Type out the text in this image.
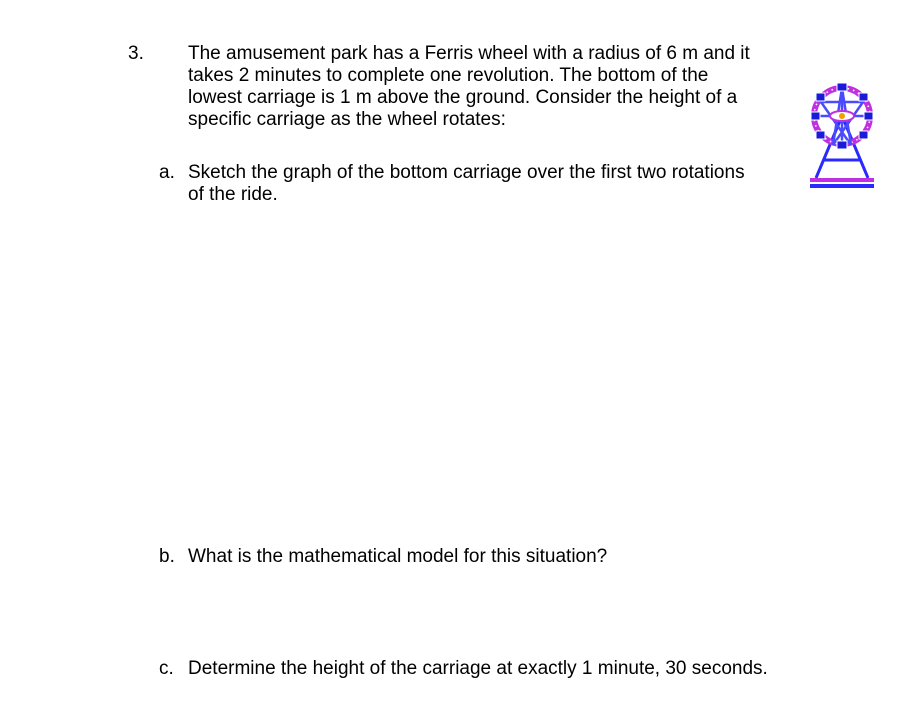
3. The amusement park has a Ferris wheel with a radius of 6 m and it
takes 2 minutes to complete one revolution. The bottom of the
lowest carriage is 1 m above the ground. Consider the height of a
specific carriage as the wheel rotates:
a. Sketch the graph of the bottom carriage over the first two rotations
of the ride.
b. What is the mathematical model for this situation?
c. Determine the height of the carriage at exactly 1 minute, 30 seconds.
